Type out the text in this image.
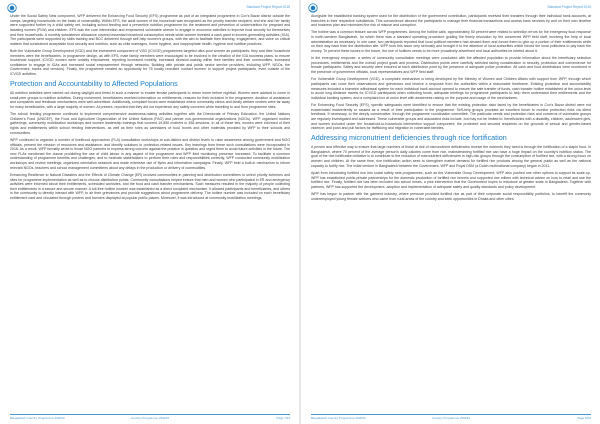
Standard Project Report 2015

Under the Social Safety Nets component, WFP delivered the Enhancing Food Security (EFS) programme as part of an integrated programme in Cox's Bazar district outside the camps, targeting households on the basis of vulnerability. Within EFS, the adult women of the household was recognized as the priority transfer recipient, and she and her family were supported further by a child safety net, including school feeding and a preventive nutrition programme for the treatment and prevention of undernutrition for pregnant and lactating women (PLW) and children. EFS was the core intervention and empowered vulnerable women to engage in economic activities to improve food security for themselves and their households. A monthly subsistence allowance covered essential household consumption needs while women invested a cash grant in income-generating activities (IGA). The participants were supported by skills training and BCC delivered through self-help women's groups, with the aim to facilitate their learning, engagement, and voice on critical matters that constrained acceptable food security and nutrition, such as child marriages, home hygiene, and inappropriate health, hygiene and nutrition practices.

Both the Vulnerable Group Development (VGD) and the investment component of VGD (ICVGD) programmes targeted ultra-poor women as participants; they and their household members were the beneficiaries. In programme design, as with EFS, male family members were encouraged to be involved in the creation of the IGA business plans, to ensure household support. ICVGD women were notably empowered, reporting increased mobility, increased decision-making within their families and their communities, increased confidence to engage in IGAs and increased social empowerment through networks. Building with private and public sector service providers, including WFP, NGOs, the Government, banks and vendors). Finally, the programme created an opportunity for 75 locally recruited 'contact women' to support project participants, even outside of the ICVGD activities.

Protection and Accountability to Affected Populations

All nutrition activities were carried out during daylight and timed in such a manner to enable female participants to return home before nightfall. Women were advised to come in small peer groups to nutrition activities. During movement, beneficiaries received information on entitlements, reasons for their inclusion in the programme, duration of assistance and complaints and feedback mechanisms were well-advertised. Additionally, complaint boxes were established where community clinics and family welfare centres were far away for many beneficiaries, with a large majority of women. At present, reported that they did not experience any safety concerns while travelling to and from programme sites.

The school feeding programme continued to implement comprehensive awareness-raising activities together with the Directorate of Primary Education, the United Nations Children's Fund (UNICEF), the Food and Agriculture Organization of the United Nations (FAO) and partner non-governmental organizations (NGOs). WFP organized mother gatherings, community mobilization workshops and women leadership trainings that covered 19,850 mothers in 458 sessions. In all of these ties, women were informed of their rights and entitlements within school feeding interventions, as well as their roles as caretakers of food, boxes and other materials provided by WFP to their schools and communities.

WFP continued to organize a number of livelihood approaches (FLA) consultation workshops at sub-district and district levels to raise awareness among government and NGO officials, present the mission of resources and assistance, and identify solutions to protection-related issues. Key learnings from these such consultations were incorporated in 2016. As a result, WFP formally wrote to those NGO partners to express strong concern against the practice in question and urged them to avoid future activities in the future. The new FLAs mentioned the clause prohibiting the use of child labour in any aspect of the programme and WFP field monitoring presence increased. To facilitate a common understanding of programme benefits and challenges, and to motivate stakeholders to perform their roles and responsibilities correctly, WFP conducted community mobilization workshops and review meetings, organized orientation sessions and made extensive use of flyers and information campaigns. Finally, WFP held a built-in mechanism to inform relevant NGOs, teachers and school management committees about any delays in the production or delivery of commodities.

Enhancing Resilience to Natural Disasters and the Effects of Climate Change (ER) involved communities in planning and distribution committees to select priority schemes and sites for programme implementation as well as to choose distribution points. Community consultations helped ensure that men and women who participated in ER and emergency activities were informed about their entitlements, scheduled worksites, and the food and cash transfer mechanisms. Such measures resulted in the majority of people collecting their entitlements in a secure and secure manner. A toll-free hotline number was established as a direct complaint mechanism. It allowed participants and beneficiaries, and others in the community to directly interact with WFP, to air their grievances and provide suggestions about programme delivery. The hotline number was included on each beneficiary entitlement card and circulated through posters and banners displayed at popular public places. Moreover, it was introduced at community mobilization meetings.

Bangladesh Country Programme 200243	Country Programme 200243	Page 7/24
Standard Project Report 2015

Alongside the established banking system used for the distribution of the government contribution, participants received their transfers through their individual bank accounts, at branches in their respective subdistricts. This convenience allowed the participants to manage their financial transactions and access bank services by and on their own timeline and business plan and minimized the risk of misuse and corruption.

The hotline was a common feature across WFP programmes. Among the hotline calls, approximately 50 percent were related to selection errors for the emergency food response in north-western Bangladesh, for which there was a standard operating procedure guiding the timely resolution by the concerned WFP field staff, involving the help of local administration as necessary. In one case, two participants reported that local political members had abused them and forced them to give up a portion of their entitlements while on their way back from the distribution site. WFP took this issue very seriously and brought it to the attention of local authorities which forced the local politicians to pay back the money. To prevent these issues in the future, the use of hotlines needs to be more proactively advertised and local authorities be briefed about it.

In the emergency response, a series of community consultation meetings were conducted with the affected population to provide information about the beneficiary selection procedures, entitlements and the overall project goals and process. Distribution points were carefully selected taking consideration to security, protection and convenience for female participants. Safety and security were ensured at each distribution point by the presence of adequate police protection. All cash and food distributions were monitored in the presence of government officials, local representatives and WFP field staff.

For Vulnerable Group Development (VGD), a complaint mechanism is being developed by the Ministry of Women and Children Affairs with support from WFP, through which participants can voice their observations and grievances and receive a response from the authorities within a reasonable timeframe. Existing protection and accountability measures included a biometric withdrawal system for each individual bank account opened to ensure the safe transfer of funds, cash transfer hotline established at the union level to avoid long distance travels for ICVGD participants when collecting funds, adequate briefings for programme participants to help them understand their entitlements and the individual banking system, and a complaint box at union level with awareness raising on the purpose and usage of the mechanisms.

For Enhancing Food Security (EFS), specific safeguards were identified to ensure that the existing protection risks faced by the beneficiaries in Cox's Bazar district were not exacerbated inadvertently or caused as a result of their participation in the programme. Self-help groups provided an excellent forum to monitor protection risks via direct feedback. If necessary, to the deeply conservative, through the programme coordination committee. The particular needs and protection risks and concerns of vulnerable groups are regularly investigated and addressed. These vulnerable groups and associated risks include, but may not be limited to: beneficiaries with a disability, children, adolescent girls, and women included under the household-to-household intervention support component; the protected and secured recipients on the grounds of sexual and gender-based violence; and push and pull factors for trafficking and migration in vulnerable families.

Addressing micronutrient deficiencies through rice fortification

A proven and effective way to ensure that large numbers of those at risk of micronutrient deficiencies receive the nutrients they need is through the fortification of a staple food. In Bangladesh, where 70 percent of the average person's daily calories come from rice, mainstreaming fortified rice can have a huge impact on the country's nutrition status. The goal of the rice fortification initiative is to contribute to the reduction of micronutrient deficiencies in high-risk groups through the consumption of fortified rice, with a strong focus on women and children. At the same time, rice fortification action seek to strengthen market demand for fortified rice products among the general public as well as the national capacity to fortify rice. The initial venture in Bangladesh between the Government, WFP and Royal DSM (a Dutch multinational company) began in 2011.

Apart from introducing fortified rice into social safety nets programmes, such as the Vulnerable Group Development, WFP also pushed one other options to support its scale-up. WFP has established public-private partnerships for the domestic production of fortified rice kernels and supported rice millers with technical advice on how to retail and use the fortified rice. Finally, fortified rice has been included into school meals, a pilot intervention that the Government hopes to introduce at greater scale in Bangladesh. Together with partners, WFP has supported the development, adoption and implementation of adequate safety and quality standards and policy development.

WFP has begun to partner with the garment industry, where pressure provided fortified rice as part of their corporate social responsibility portfolios, to benefit the commonly underemployed young female workers who came from rural areas of the country and seek opportunities in Dhaka and other cities.

Bangladesh Country Programme 200243	Country Programme 200243	Page 8/24
